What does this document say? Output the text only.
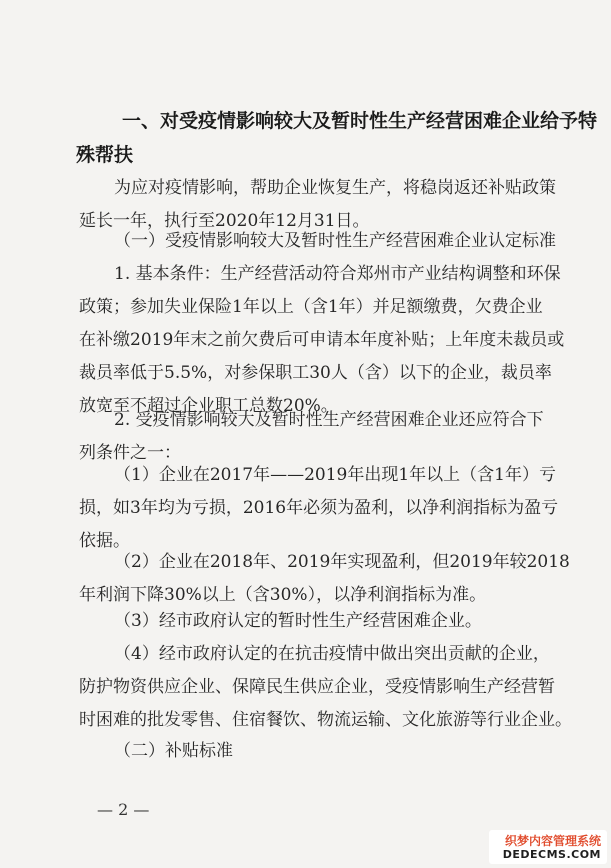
一、对受疫情影响较大及暂时性生产经营困难企业给予特
殊帮扶
为应对疫情影响，帮助企业恢复生产，将稳岗返还补贴政策
延长一年，执行至2020年12月31日。
（一）受疫情影响较大及暂时性生产经营困难企业认定标准
1. 基本条件：生产经营活动符合郑州市产业结构调整和环保
政策；参加失业保险1年以上（含1年）并足额缴费，欠费企业
在补缴2019年末之前欠费后可申请本年度补贴；上年度未裁员或
裁员率低于5.5%，对参保职工30人（含）以下的企业，裁员率
放宽至不超过企业职工总数20%。
2. 受疫情影响较大及暂时性生产经营困难企业还应符合下
列条件之一：
（1）企业在2017年——2019年出现1年以上（含1年）亏
损，如3年均为亏损，2016年必须为盈利，以净利润指标为盈亏
依据。
（2）企业在2018年、2019年实现盈利，但2019年较2018
年利润下降30%以上（含30%），以净利润指标为准。
（3）经市政府认定的暂时性生产经营困难企业。
（4）经市政府认定的在抗击疫情中做出突出贡献的企业，
防护物资供应企业、保障民生供应企业，受疫情影响生产经营暂
时困难的批发零售、住宿餐饮、物流运输、文化旅游等行业企业。
（二）补贴标准
— 2 —
织梦内容管理系统
DEDECMS.COM
